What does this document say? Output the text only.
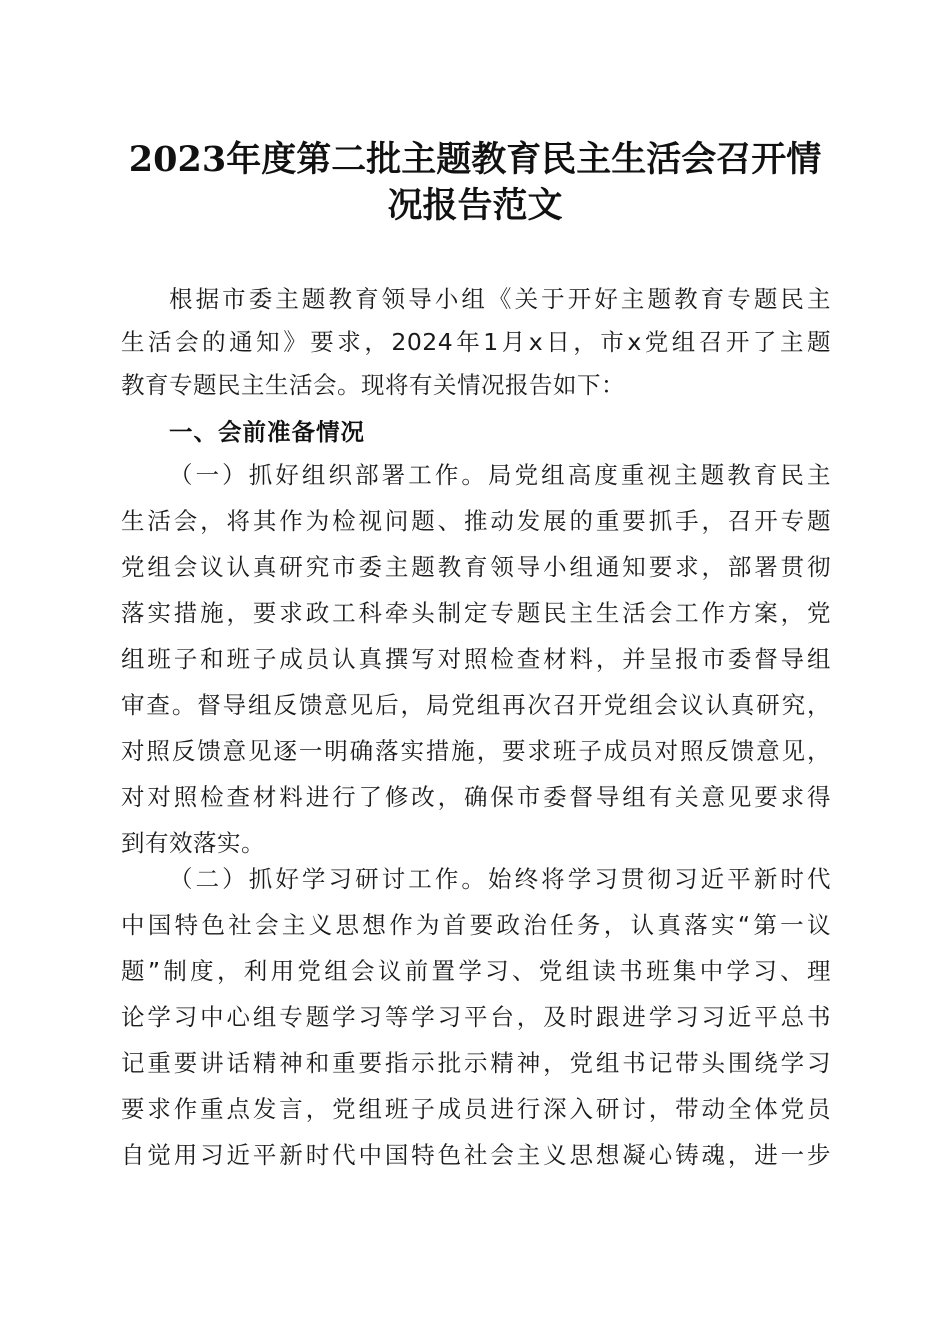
2023年度第二批主题教育民主生活会召开情
况报告范文
根据市委主题教育领导小组《关于开好主题教育专题民主
生活会的通知》要求，2024年1月x日，市x党组召开了主题
教育专题民主生活会。现将有关情况报告如下：
一、会前准备情况
（一）抓好组织部署工作。局党组高度重视主题教育民主
生活会，将其作为检视问题、推动发展的重要抓手，召开专题
党组会议认真研究市委主题教育领导小组通知要求，部署贯彻
落实措施，要求政工科牵头制定专题民主生活会工作方案，党
组班子和班子成员认真撰写对照检查材料，并呈报市委督导组
审查。督导组反馈意见后，局党组再次召开党组会议认真研究，
对照反馈意见逐一明确落实措施，要求班子成员对照反馈意见，
对对照检查材料进行了修改，确保市委督导组有关意见要求得
到有效落实。
（二）抓好学习研讨工作。始终将学习贯彻习近平新时代
中国特色社会主义思想作为首要政治任务，认真落实“第一议
题”制度，利用党组会议前置学习、党组读书班集中学习、理
论学习中心组专题学习等学习平台，及时跟进学习习近平总书
记重要讲话精神和重要指示批示精神，党组书记带头围绕学习
要求作重点发言，党组班子成员进行深入研讨，带动全体党员
自觉用习近平新时代中国特色社会主义思想凝心铸魂，进一步
